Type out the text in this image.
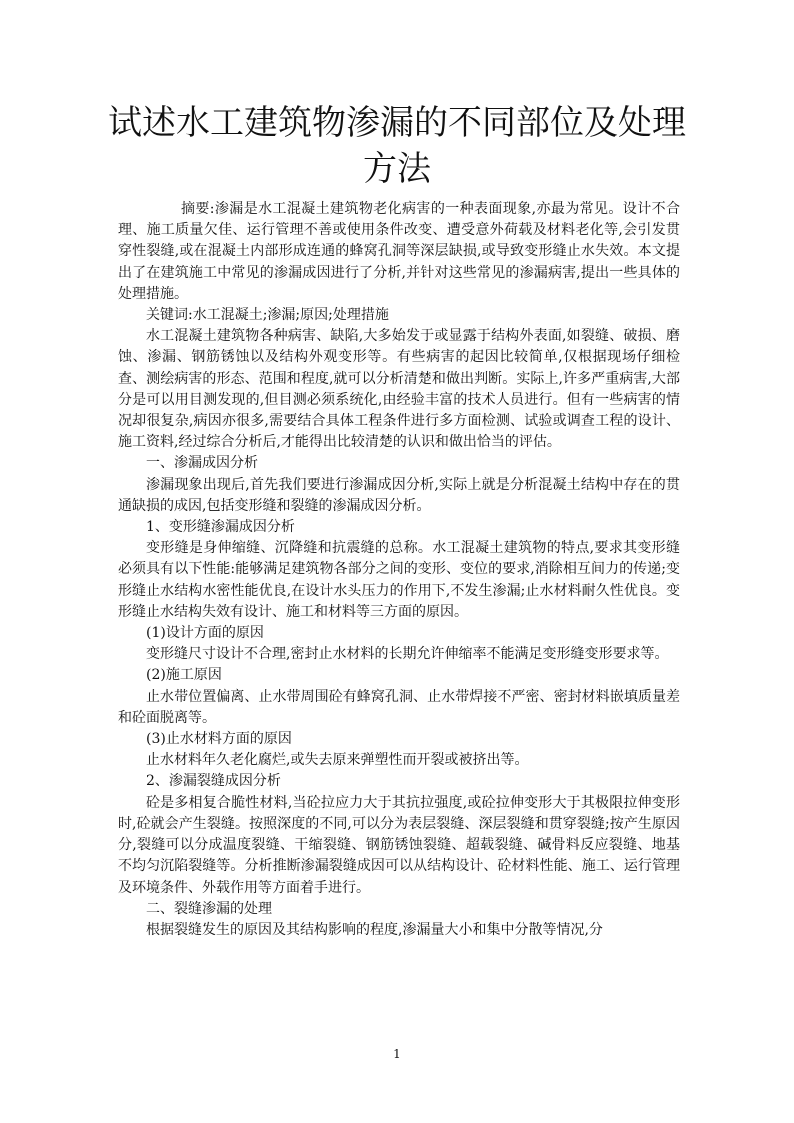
试述水工建筑物渗漏的不同部位及处理
方法

摘要:渗漏是水工混凝土建筑物老化病害的一种表面现象,亦最为常见。设计不合理、施工质量欠佳、运行管理不善或使用条件改变、遭受意外荷载及材料老化等,会引发贯穿性裂缝,或在混凝土内部形成连通的蜂窝孔洞等深层缺损,或导致变形缝止水失效。本文提出了在建筑施工中常见的渗漏成因进行了分析,并针对这些常见的渗漏病害,提出一些具体的处理措施。

关键词:水工混凝土;渗漏;原因;处理措施

水工混凝土建筑物各种病害、缺陷,大多始发于或显露于结构外表面,如裂缝、破损、磨蚀、渗漏、钢筋锈蚀以及结构外观变形等。有些病害的起因比较简单,仅根据现场仔细检查、测绘病害的形态、范围和程度,就可以分析清楚和做出判断。实际上,许多严重病害,大部分是可以用目测发现的,但目测必须系统化,由经验丰富的技术人员进行。但有一些病害的情况却很复杂,病因亦很多,需要结合具体工程条件进行多方面检测、试验或调查工程的设计、施工资料,经过综合分析后,才能得出比较清楚的认识和做出恰当的评估。

一、渗漏成因分析

渗漏现象出现后,首先我们要进行渗漏成因分析,实际上就是分析混凝土结构中存在的贯通缺损的成因,包括变形缝和裂缝的渗漏成因分析。

1、变形缝渗漏成因分析

变形缝是身伸缩缝、沉降缝和抗震缝的总称。水工混凝土建筑物的特点,要求其变形缝必须具有以下性能:能够满足建筑物各部分之间的变形、变位的要求,消除相互间力的传递;变形缝止水结构水密性能优良,在设计水头压力的作用下,不发生渗漏;止水材料耐久性优良。变形缝止水结构失效有设计、施工和材料等三方面的原因。

(1)设计方面的原因

变形缝尺寸设计不合理,密封止水材料的长期允许伸缩率不能满足变形缝变形要求等。

(2)施工原因

止水带位置偏离、止水带周围砼有蜂窝孔洞、止水带焊接不严密、密封材料嵌填质量差和砼面脱离等。

(3)止水材料方面的原因

止水材料年久老化腐烂,或失去原来弹塑性而开裂或被挤出等。

2、渗漏裂缝成因分析

砼是多相复合脆性材料,当砼拉应力大于其抗拉强度,或砼拉伸变形大于其极限拉伸变形时,砼就会产生裂缝。按照深度的不同,可以分为表层裂缝、深层裂缝和贯穿裂缝;按产生原因分,裂缝可以分成温度裂缝、干缩裂缝、钢筋锈蚀裂缝、超载裂缝、碱骨料反应裂缝、地基不均匀沉陷裂缝等。分析推断渗漏裂缝成因可以从结构设计、砼材料性能、施工、运行管理及环境条件、外载作用等方面着手进行。

二、裂缝渗漏的处理

根据裂缝发生的原因及其结构影响的程度,渗漏量大小和集中分散等情况,分

1
